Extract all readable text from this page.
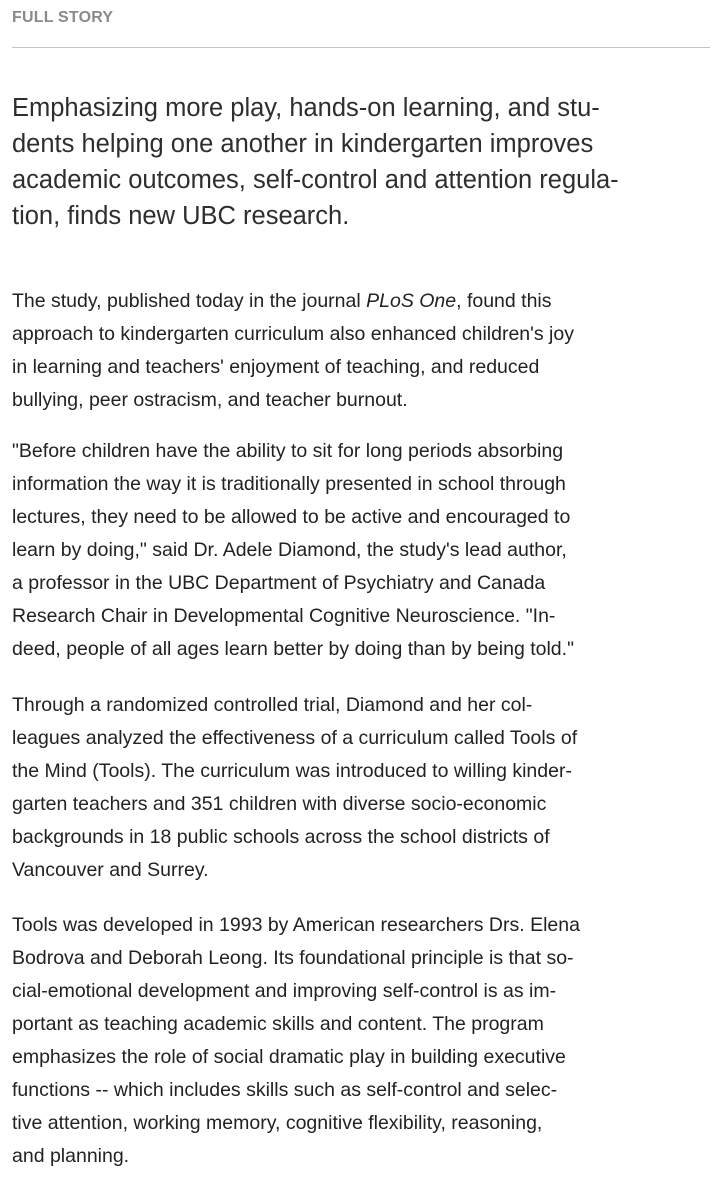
FULL STORY
Emphasizing more play, hands-on learning, and stu-
dents helping one another in kindergarten improves
academic outcomes, self-control and attention regula-
tion, finds new UBC research.

The study, published today in the journal PLoS One, found this
approach to kindergarten curriculum also enhanced children's joy
in learning and teachers' enjoyment of teaching, and reduced
bullying, peer ostracism, and teacher burnout.

"Before children have the ability to sit for long periods absorbing
information the way it is traditionally presented in school through
lectures, they need to be allowed to be active and encouraged to
learn by doing," said Dr. Adele Diamond, the study's lead author,
a professor in the UBC Department of Psychiatry and Canada
Research Chair in Developmental Cognitive Neuroscience. "In-
deed, people of all ages learn better by doing than by being told."

Through a randomized controlled trial, Diamond and her col-
leagues analyzed the effectiveness of a curriculum called Tools of
the Mind (Tools). The curriculum was introduced to willing kinder-
garten teachers and 351 children with diverse socio-economic
backgrounds in 18 public schools across the school districts of
Vancouver and Surrey.

Tools was developed in 1993 by American researchers Drs. Elena
Bodrova and Deborah Leong. Its foundational principle is that so-
cial-emotional development and improving self-control is as im-
portant as teaching academic skills and content. The program
emphasizes the role of social dramatic play in building executive
functions -- which includes skills such as self-control and selec-
tive attention, working memory, cognitive flexibility, reasoning,
and planning.
